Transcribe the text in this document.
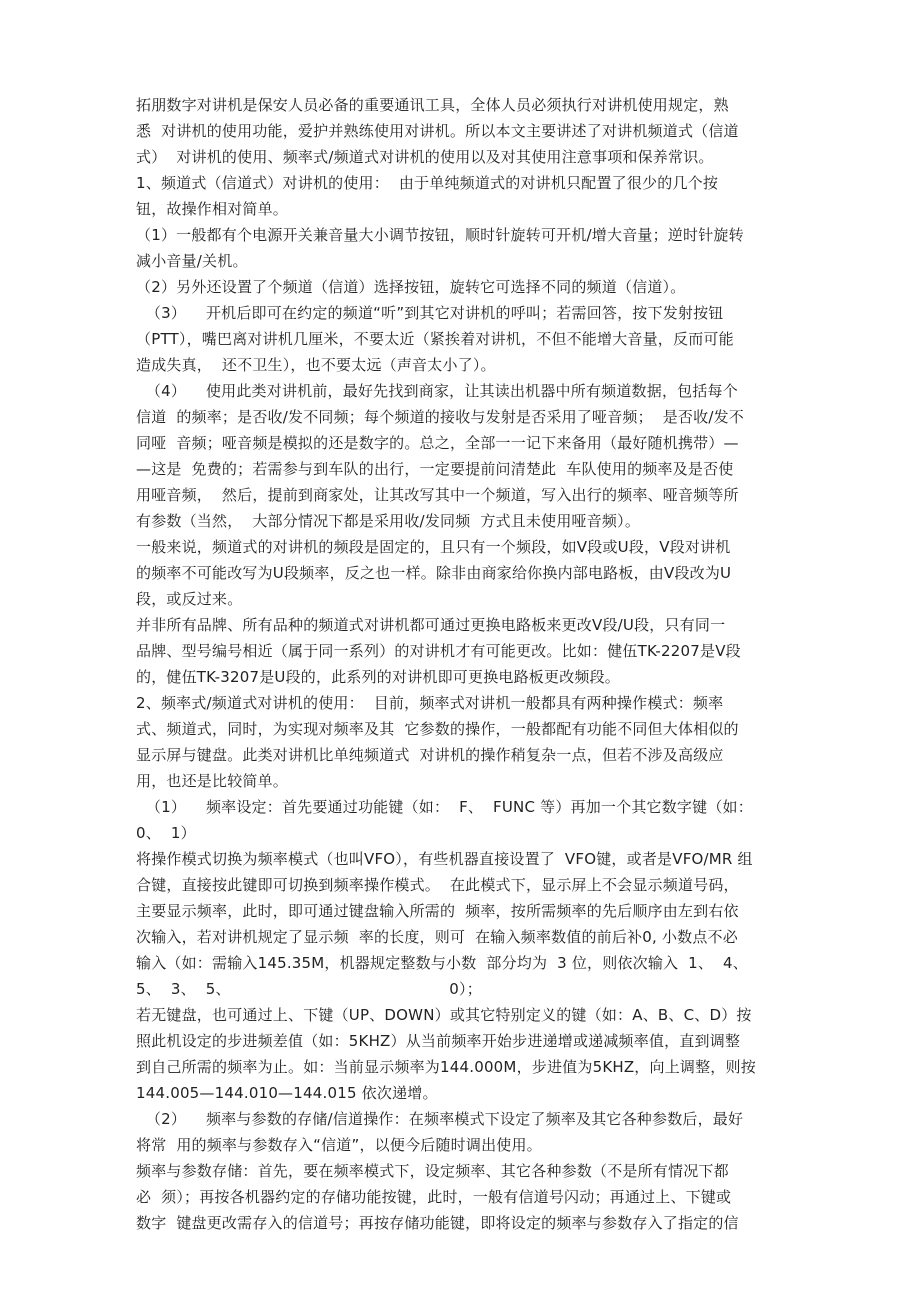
拓朋数字对讲机是保安人员必备的重要通讯工具，全体人员必须执行对讲机使用规定，熟
悉  对讲机的使用功能，爱护并熟练使用对讲机。所以本文主要讲述了对讲机频道式（信道
式）  对讲机的使用、频率式/频道式对讲机的使用以及对其使用注意事项和保养常识。
1、频道式（信道式）对讲机的使用：  由于单纯频道式的对讲机只配置了很少的几个按
钮，故操作相对简单。
（1）一般都有个电源开关兼音量大小调节按钮，顺时针旋转可开机/增大音量；逆时针旋转
减小音量/关机。
（2）另外还设置了个频道（信道）选择按钮，旋转它可选择不同的频道（信道）。
（3）    开机后即可在约定的频道“听”到其它对讲机的呼叫；若需回答，按下发射按钮
（PTT），嘴巴离对讲机几厘米，不要太近（紧挨着对讲机，不但不能增大音量，反而可能
造成失真，  还不卫生），也不要太远（声音太小了）。
（4）    使用此类对讲机前，最好先找到商家，让其读出机器中所有频道数据，包括每个
信道  的频率；是否收/发不同频；每个频道的接收与发射是否采用了哑音频；  是否收/发不
同哑  音频；哑音频是模拟的还是数字的。总之，全部一一记下来备用（最好随机携带）—
—这是  免费的；若需参与到车队的出行，一定要提前问清楚此  车队使用的频率及是否使
用哑音频，  然后，提前到商家处，让其改写其中一个频道，写入出行的频率、哑音频等所
有参数（当然，  大部分情况下都是采用收/发同频  方式且未使用哑音频）。
一般来说，频道式的对讲机的频段是固定的，且只有一个频段，如V段或U段，V段对讲机
的频率不可能改写为U段频率，反之也一样。除非由商家给你换内部电路板，由V段改为U
段，或反过来。
并非所有品牌、所有品种的频道式对讲机都可通过更换电路板来更改V段/U段，只有同一
品牌、型号编号相近（属于同一系列）的对讲机才有可能更改。比如：健伍TK-2207是V段
的，健伍TK-3207是U段的，此系列的对讲机即可更换电路板更改频段。
2、频率式/频道式对讲机的使用：  目前，频率式对讲机一般都具有两种操作模式：频率
式、频道式，同时，为实现对频率及其  它参数的操作，一般都配有功能不同但大体相似的
显示屏与键盘。此类对讲机比单纯频道式  对讲机的操作稍复杂一点，但若不涉及高级应
用，也还是比较简单。
（1）    频率设定：首先要通过功能键（如：  F、  FUNC 等）再加一个其它数字键（如：
0、  1）
将操作模式切换为频率模式（也叫VFO），有些机器直接设置了  VFO键，或者是VFO/MR 组
合键，直接按此键即可切换到频率操作模式。  在此模式下，显示屏上不会显示频道号码，
主要显示频率，此时，即可通过键盘输入所需的  频率，按所需频率的先后顺序由左到右依
次输入，若对讲机规定了显示频  率的长度，则可  在输入频率数值的前后补0, 小数点不必
输入（如：需输入145.35M，机器规定整数与小数  部分均为  3 位，则依次输入  1、  4、
5、  3、  5、                                            0）；
若无键盘，也可通过上、下键（UP、DOWN）或其它特别定义的键（如：A、B、C、D）按
照此机设定的步进频差值（如：5KHZ）从当前频率开始步进递增或递减频率值，直到调整
到自己所需的频率为止。如：当前显示频率为144.000M，步进值为5KHZ，向上调整，则按
144.005—144.010—144.015 依次递增。
（2）    频率与参数的存储/信道操作：在频率模式下设定了频率及其它各种参数后，最好
将常  用的频率与参数存入“信道”，以便今后随时调出使用。
频率与参数存储：首先，要在频率模式下，设定频率、其它各种参数（不是所有情况下都
必  须）；再按各机器约定的存储功能按键，此时，一般有信道号闪动；再通过上、下键或
数字  键盘更改需存入的信道号；再按存储功能键，即将设定的频率与参数存入了指定的信
